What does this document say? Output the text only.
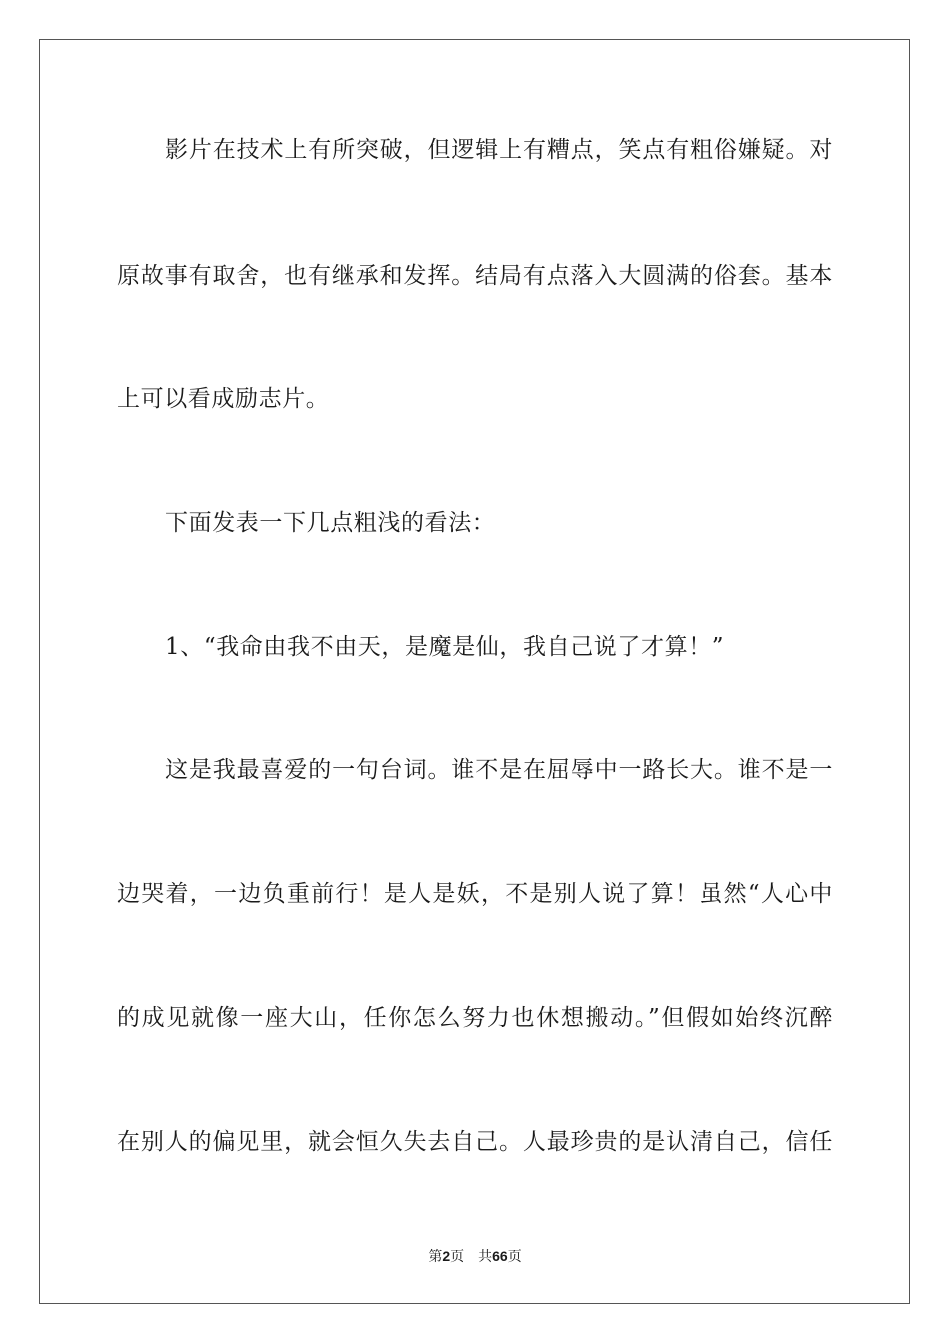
影片在技术上有所突破，但逻辑上有糟点，笑点有粗俗嫌疑。对
原故事有取舍，也有继承和发挥。结局有点落入大圆满的俗套。基本
上可以看成励志片。
下面发表一下几点粗浅的看法：
1、“我命由我不由天，是魔是仙，我自己说了才算！”
这是我最喜爱的一句台词。谁不是在屈辱中一路长大。谁不是一
边哭着，一边负重前行！是人是妖，不是别人说了算！虽然“人心中
的成见就像一座大山，任你怎么努力也休想搬动。”但假如始终沉醉
在别人的偏见里，就会恒久失去自己。人最珍贵的是认清自己，信任
第2页 共66页
